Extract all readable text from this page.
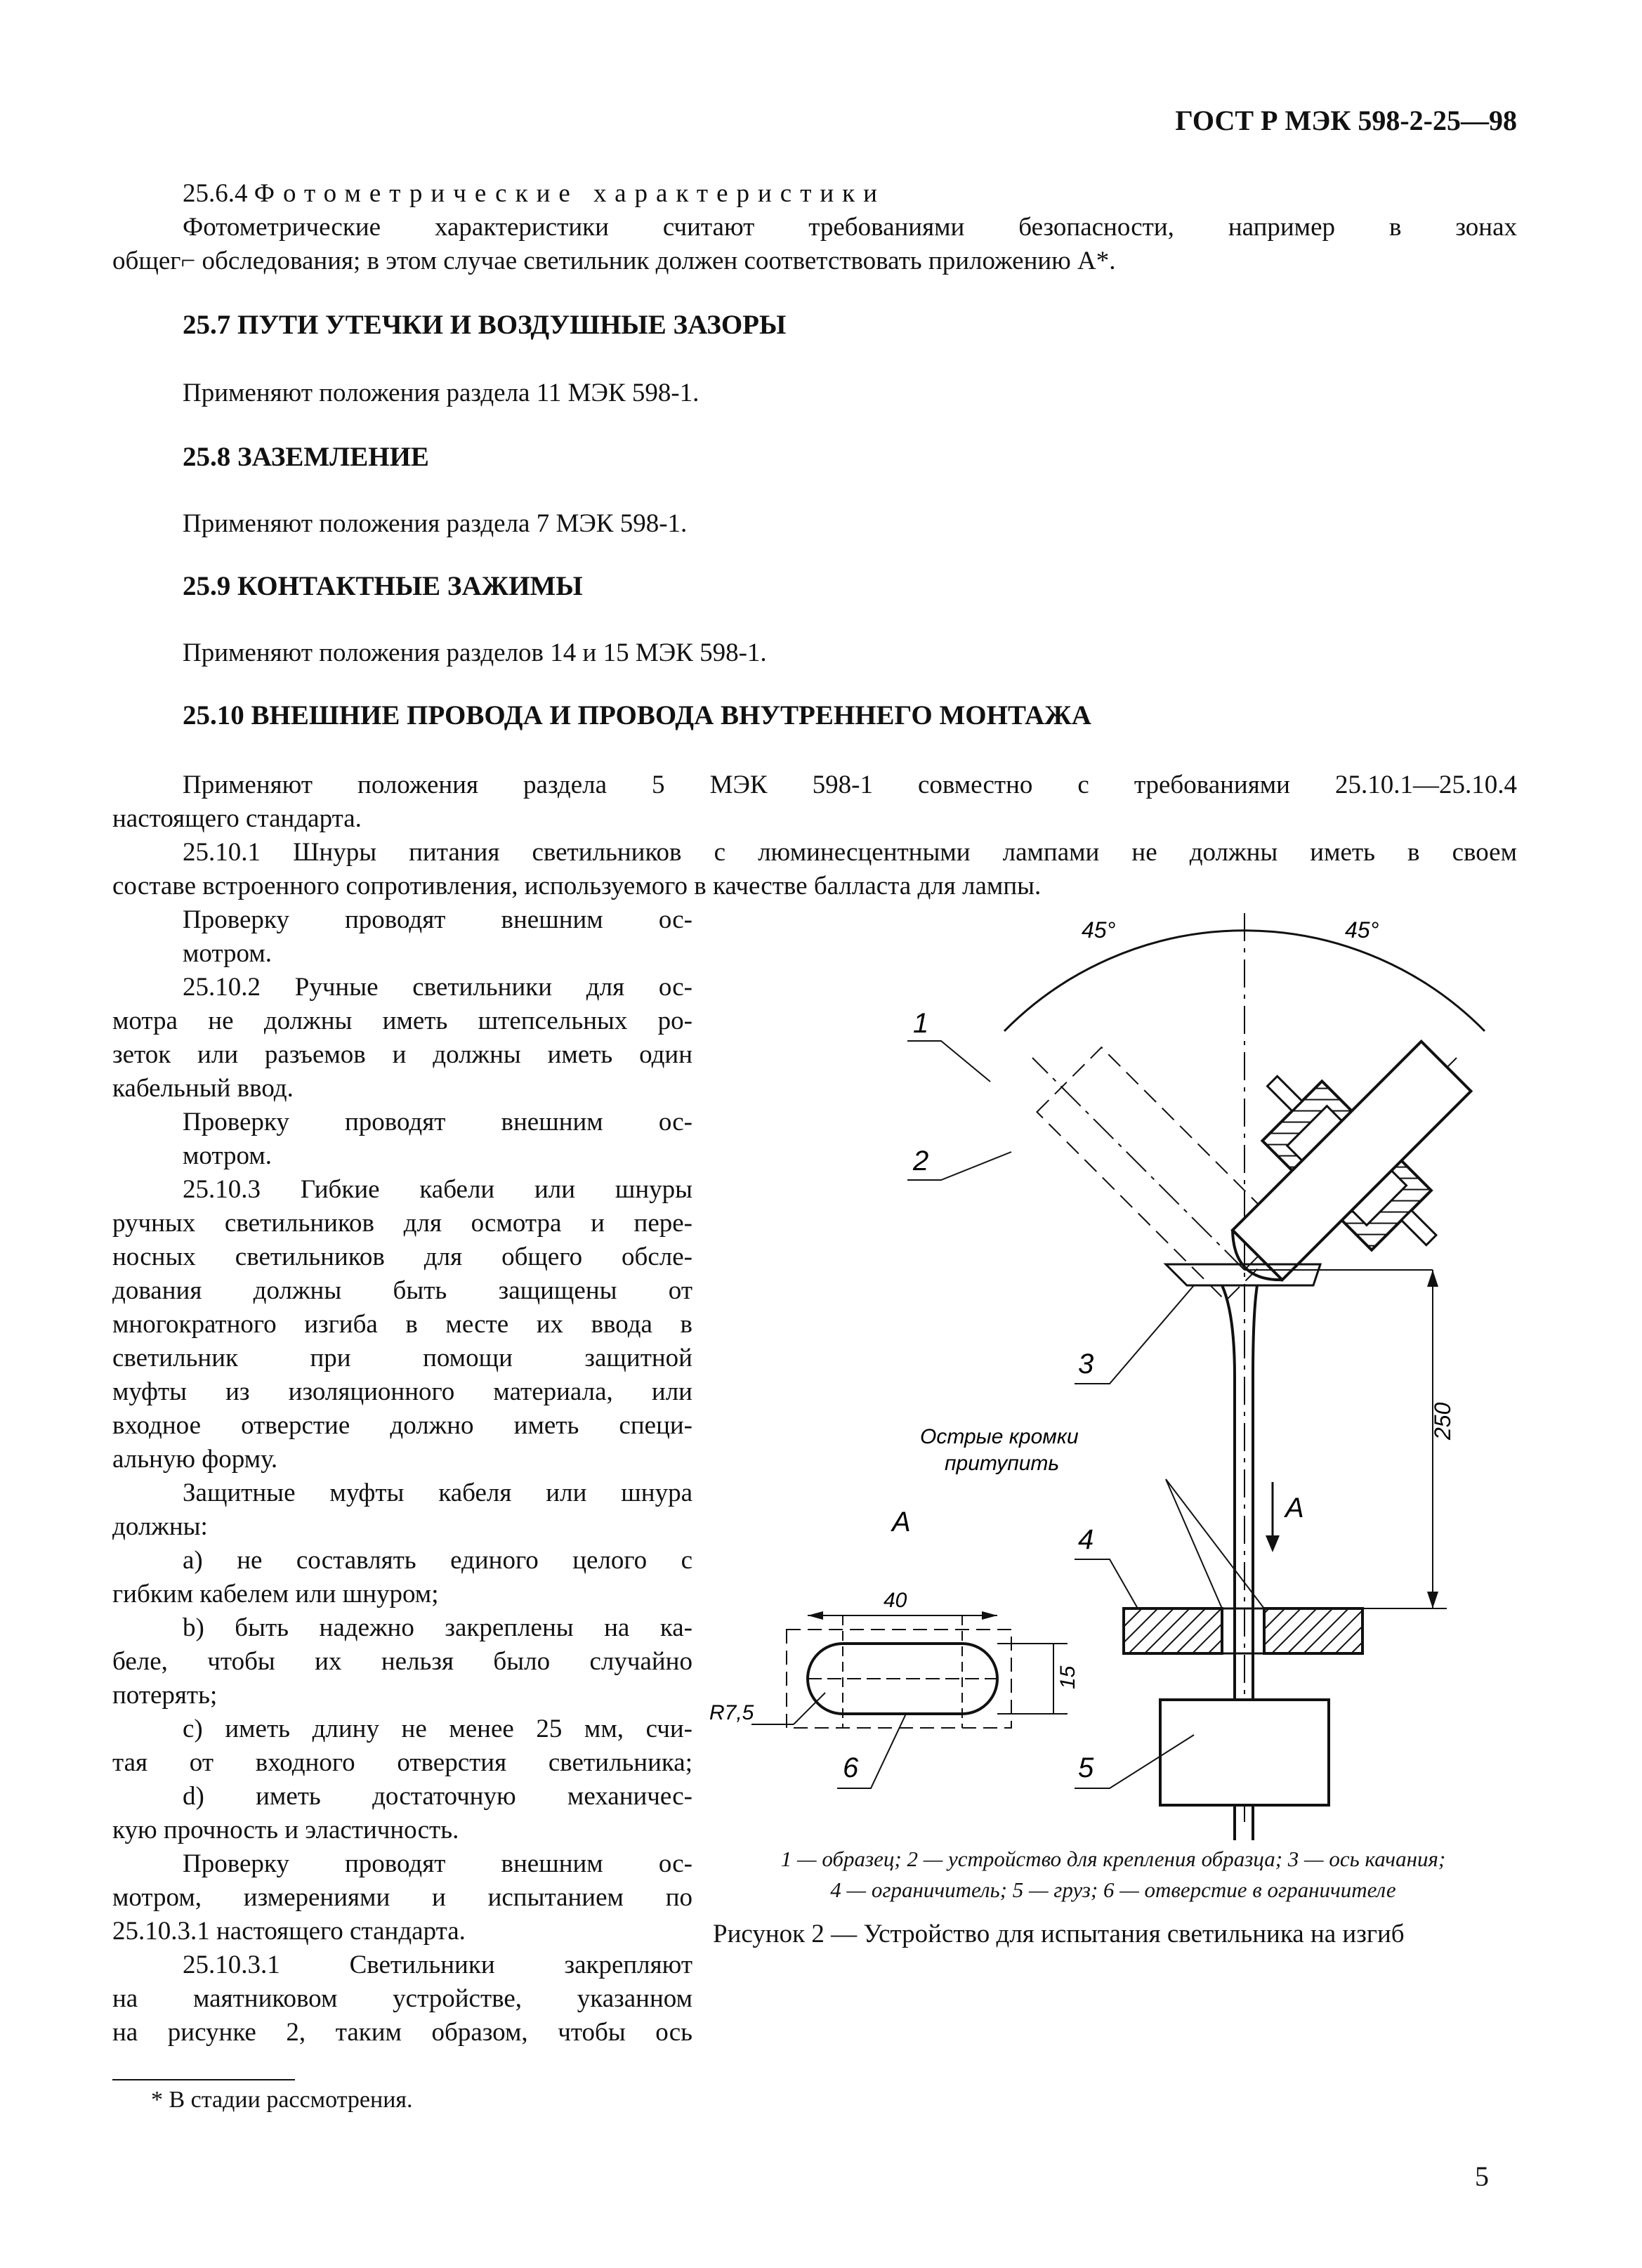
ГОСТ Р МЭК 598-2-25—98

25.6.4 Фотометрические характеристики

Фотометрические характеристики считают требованиями безопасности, например в зонах

общег⌐ обследования; в этом случае светильник должен соответствовать приложению А*.

25.7 ПУТИ УТЕЧКИ И ВОЗДУШНЫЕ ЗАЗОРЫ
Применяют положения раздела 11 МЭК 598-1.
25.8 ЗАЗЕМЛЕНИЕ
Применяют положения раздела 7 МЭК 598-1.
25.9 КОНТАКТНЫЕ ЗАЖИМЫ
Применяют положения разделов 14 и 15 МЭК 598-1.
25.10 ВНЕШНИЕ ПРОВОДА И ПРОВОДА ВНУТРЕННЕГО МОНТАЖА

Применяют положения раздела 5 МЭК 598-1 совместно с требованиями 25.10.1—25.10.4

настоящего стандарта.

25.10.1 Шнуры питания светильников с люминесцентными лампами не должны иметь в своем

составе встроенного сопротивления, используемого в качестве балласта для лампы.

Проверку проводят внешним ос-

мотром.

25.10.2 Ручные светильники для ос-

мотра не должны иметь штепсельных ро-

зеток или разъемов и должны иметь один

кабельный ввод.

Проверку проводят внешним ос-

мотром.

25.10.3 Гибкие кабели или шнуры

ручных светильников для осмотра и пере-

носных светильников для общего обсле-

дования должны быть защищены от

многократного изгиба в месте их ввода в

светильник при помощи защитной

муфты из изоляционного материала, или

входное отверстие должно иметь специ-

альную форму.

Защитные муфты кабеля или шнура

должны:

a) не составлять единого целого с

гибким кабелем или шнуром;

b) быть надежно закреплены на ка-

беле, чтобы их нельзя было случайно

потерять;

c) иметь длину не менее 25 мм, счи-

тая от входного отверстия светильника;

d) иметь достаточную механичес-

кую прочность и эластичность.

Проверку проводят внешним ос-

мотром, измерениями и испытанием по

25.10.3.1 настоящего стандарта.

25.10.3.1 Светильники закрепляют

на маятниковом устройстве, указанном

на рисунке 2, таким образом, чтобы ось

45°	45°
1
2
3
4
5
6
250
Острые кромки
притупить
А
А
40
15
R7,5
1 — образец; 2 — устройство для крепления образца; 3 — ось качания;
4 — ограничитель; 5 — груз; 6 — отверстие в ограничителе
Рисунок 2 — Устройство для испытания светильника на изгиб
* В стадии рассмотрения.
5
